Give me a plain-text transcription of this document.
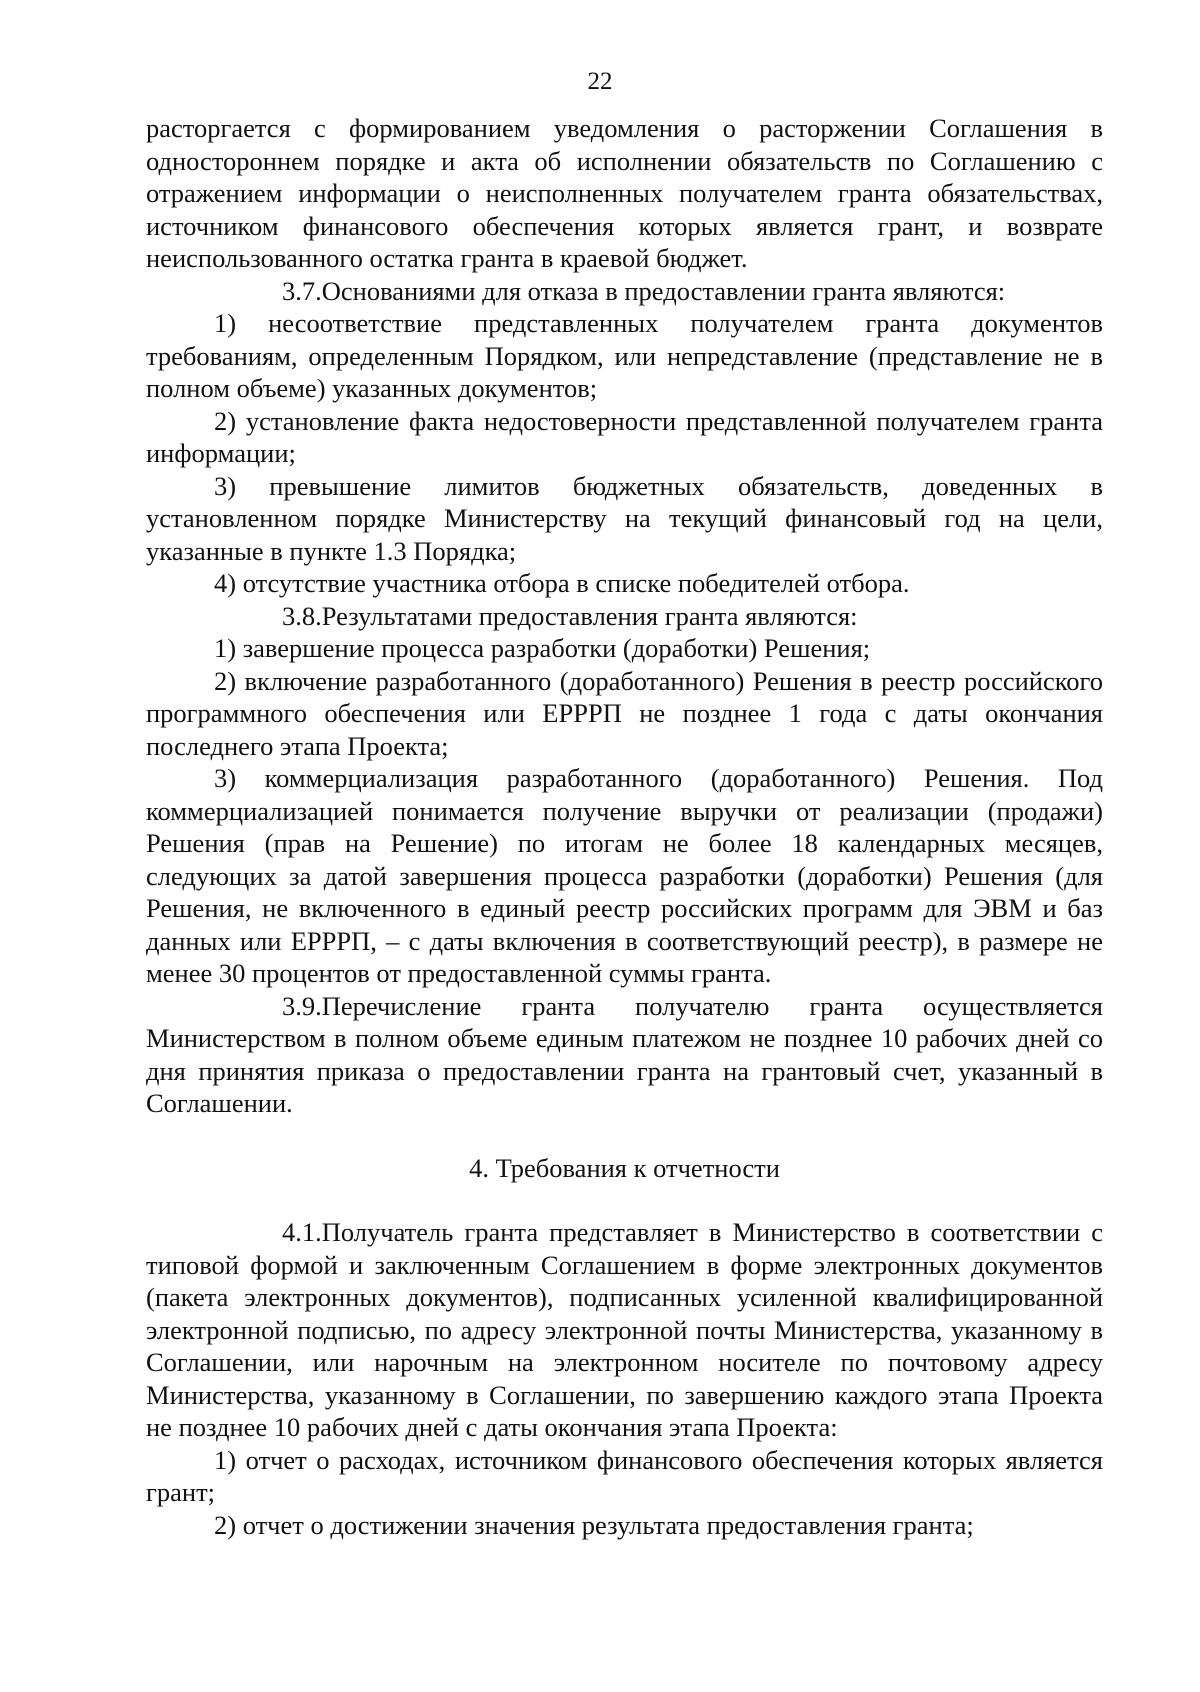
22

расторгается с формированием уведомления о расторжении Соглашения в одностороннем порядке и акта об исполнении обязательств по Соглашению с отражением информации о неисполненных получателем гранта обязательствах, источником финансового обеспечения которых является грант, и возврате неиспользованного остатка гранта в краевой бюджет.

3.7.Основаниями для отказа в предоставлении гранта являются:

1) несоответствие представленных получателем гранта документов требованиям, определенным Порядком, или непредставление (представление не в полном объеме) указанных документов;

2) установление факта недостоверности представленной получателем гранта информации;

3) превышение лимитов бюджетных обязательств, доведенных в установленном порядке Министерству на текущий финансовый год на цели, указанные в пункте 1.3 Порядка;

4) отсутствие участника отбора в списке победителей отбора.

3.8.Результатами предоставления гранта являются:

1) завершение процесса разработки (доработки) Решения;

2) включение разработанного (доработанного) Решения в реестр российского программного обеспечения или ЕРРРП не позднее 1 года с даты окончания последнего этапа Проекта;

3) коммерциализация разработанного (доработанного) Решения. Под коммерциализацией понимается получение выручки от реализации (продажи) Решения (прав на Решение) по итогам не более 18 календарных месяцев, следующих за датой завершения процесса разработки (доработки) Решения (для Решения, не включенного в единый реестр российских программ для ЭВМ и баз данных или ЕРРРП, – с даты включения в соответствующий реестр), в размере не менее 30 процентов от предоставленной суммы гранта.

3.9.Перечисление гранта получателю гранта осуществляется Министерством в полном объеме единым платежом не позднее 10 рабочих дней со дня принятия приказа о предоставлении гранта на грантовый счет, указанный в Соглашении.

4. Требования к отчетности

4.1.Получатель гранта представляет в Министерство в соответствии с типовой формой и заключенным Соглашением в форме электронных документов (пакета электронных документов), подписанных усиленной квалифицированной электронной подписью, по адресу электронной почты Министерства, указанному в Соглашении, или нарочным на электронном носителе по почтовому адресу Министерства, указанному в Соглашении, по завершению каждого этапа Проекта не позднее 10 рабочих дней с даты окончания этапа Проекта:

1) отчет о расходах, источником финансового обеспечения которых является грант;

2) отчет о достижении значения результата предоставления гранта;
